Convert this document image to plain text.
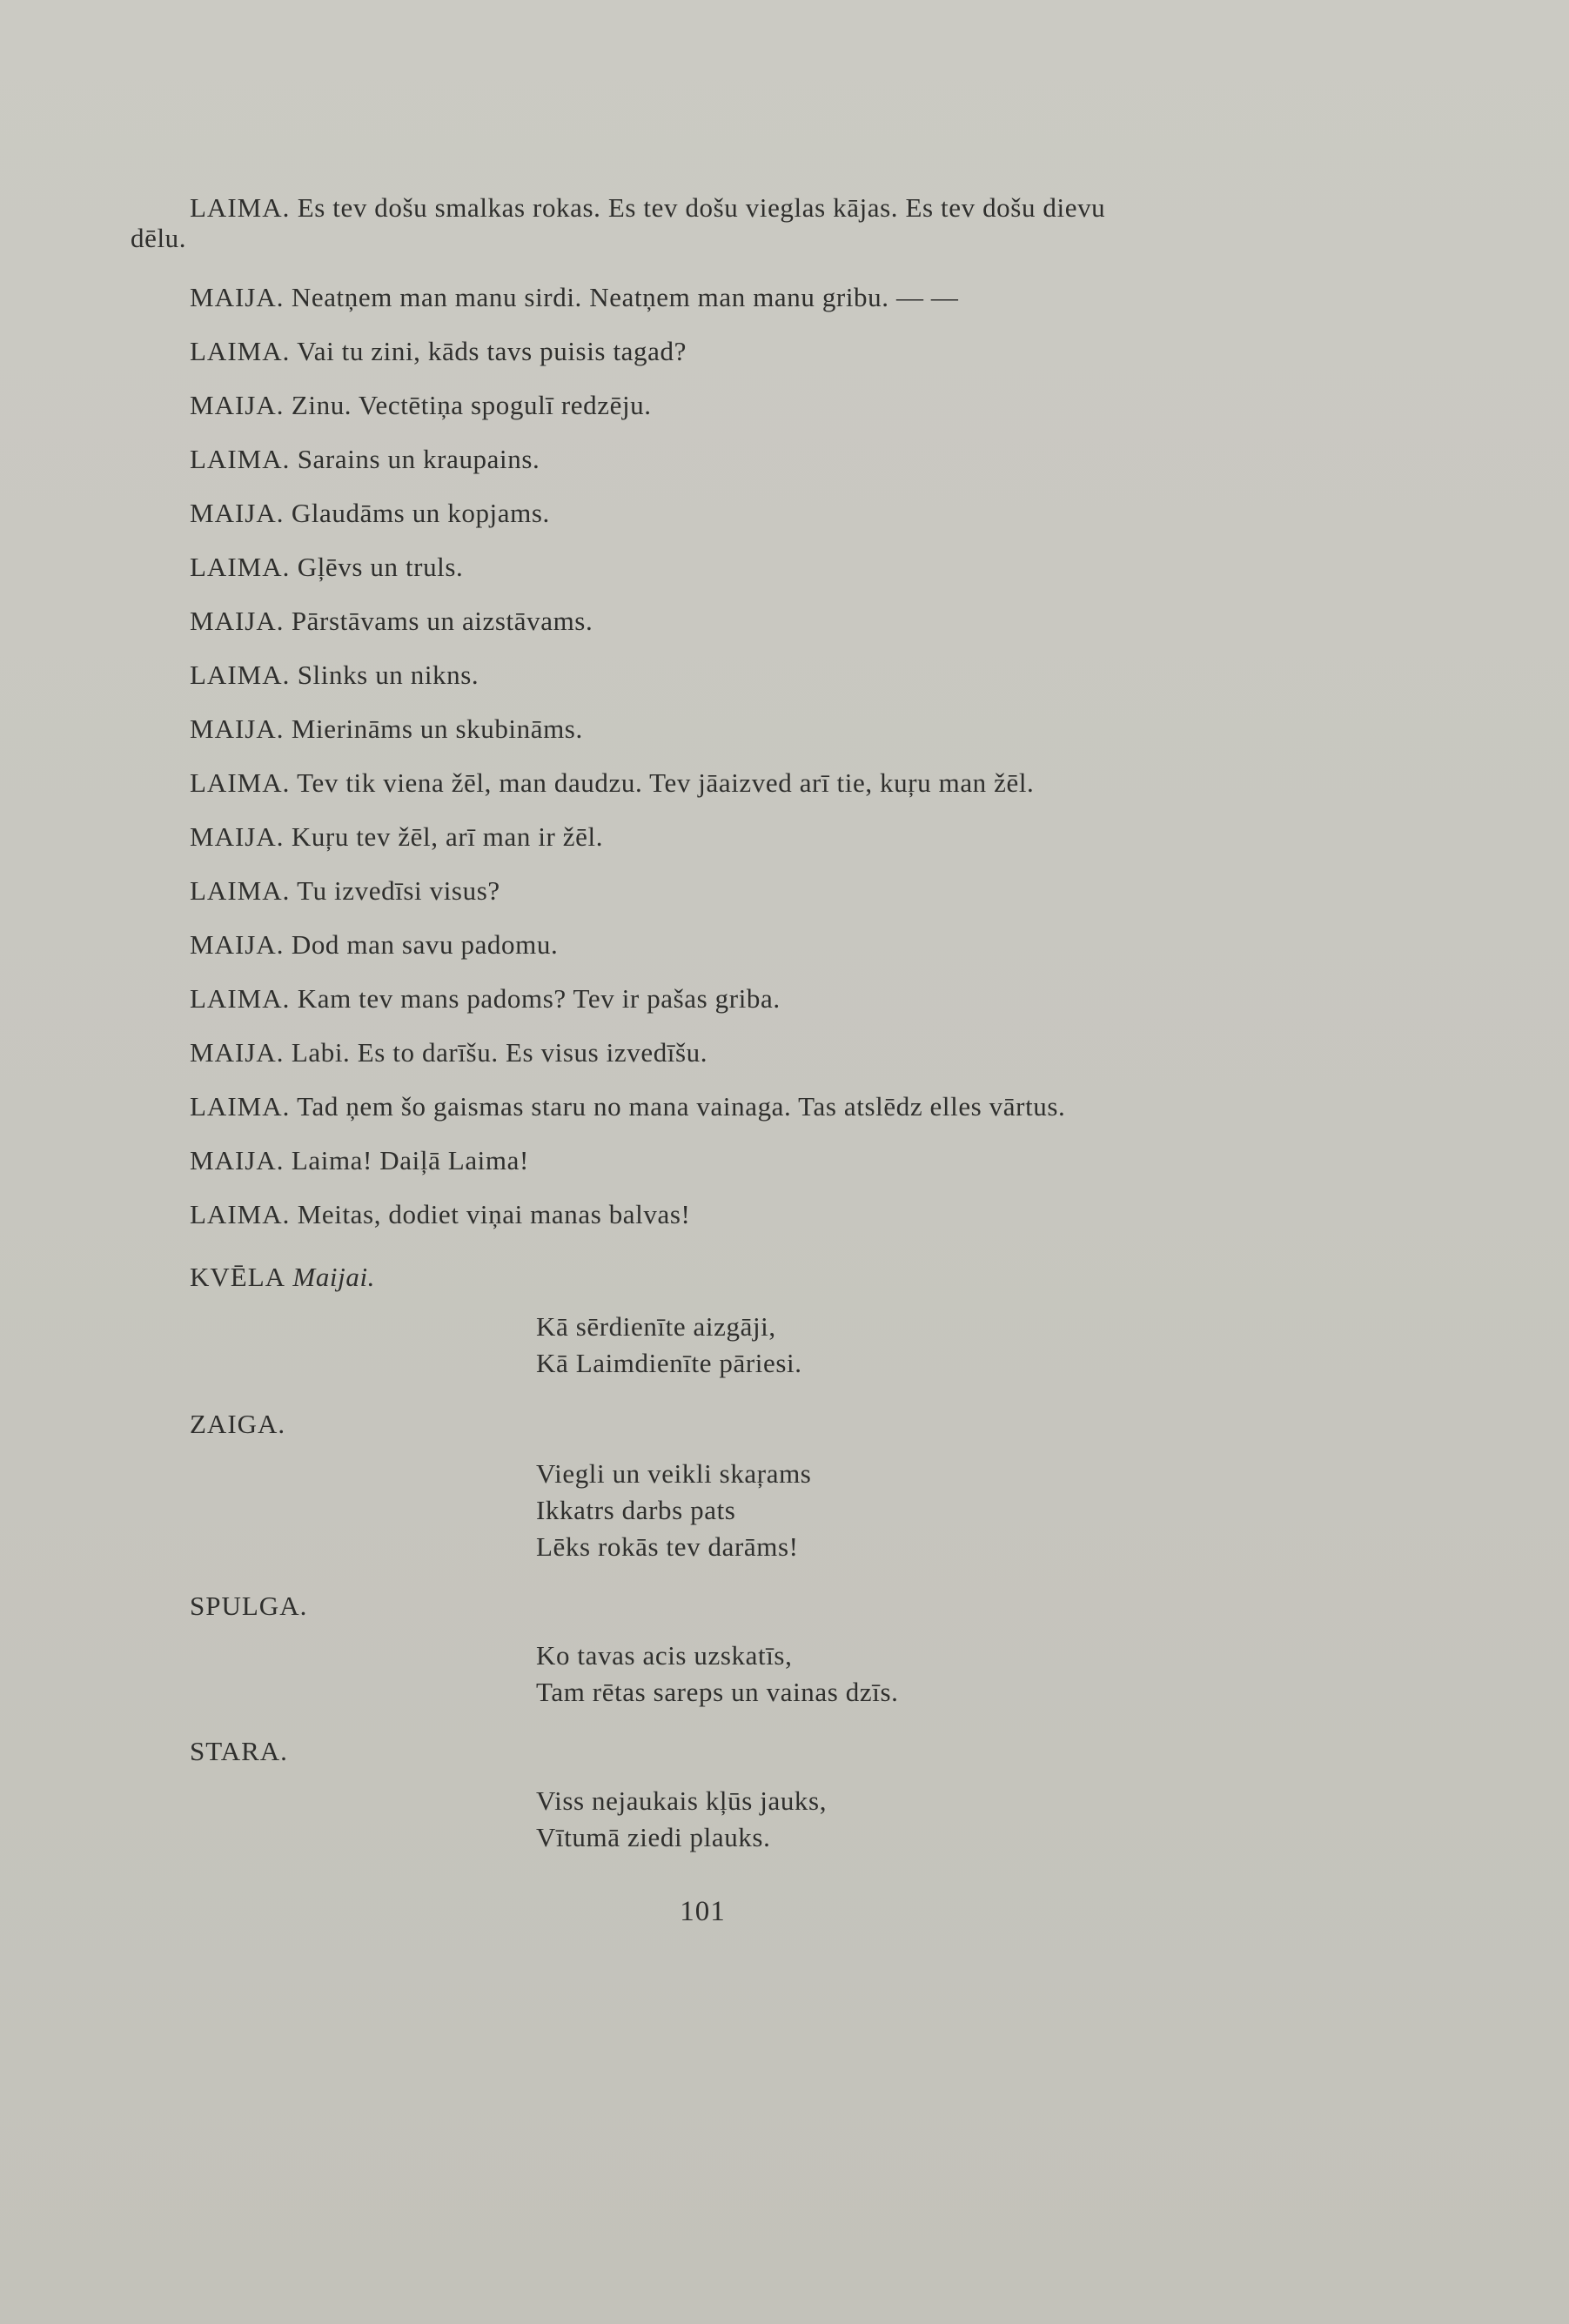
LAIMA. Es tev došu smalkas rokas. Es tev došu vieglas kājas. Es tev došu dievu
dēlu.
MAIJA. Neatņem man manu sirdi. Neatņem man manu gribu. — —
LAIMA. Vai tu zini, kāds tavs puisis tagad?
MAIJA. Zinu. Vectētiņa spogulī redzēju.
LAIMA. Sarains un kraupains.
MAIJA. Glaudāms un kopjams.
LAIMA. Gļēvs un truls.
MAIJA. Pārstāvams un aizstāvams.
LAIMA. Slinks un nikns.
MAIJA. Mierināms un skubināms.
LAIMA. Tev tik viena žēl, man daudzu. Tev jāaizved arī tie, kuŗu man žēl.
MAIJA. Kuŗu tev žēl, arī man ir žēl.
LAIMA. Tu izvedīsi visus?
MAIJA. Dod man savu padomu.
LAIMA. Kam tev mans padoms? Tev ir pašas griba.
MAIJA. Labi. Es to darīšu. Es visus izvedīšu.
LAIMA. Tad ņem šo gaismas staru no mana vainaga. Tas atslēdz elles vārtus.
MAIJA. Laima! Daiļā Laima!
LAIMA. Meitas, dodiet viņai manas balvas!
KVĒLA Maijai.
Kā sērdienīte aizgāji,
Kā Laimdienīte pāriesi.
ZAIGA.
Viegli un veikli skaŗams
Ikkatrs darbs pats
Lēks rokās tev darāms!
SPULGA.
Ko tavas acis uzskatīs,
Tam rētas sareps un vainas dzīs.
STARA.
Viss nejaukais kļūs jauks,
Vītumā ziedi plauks.
101
